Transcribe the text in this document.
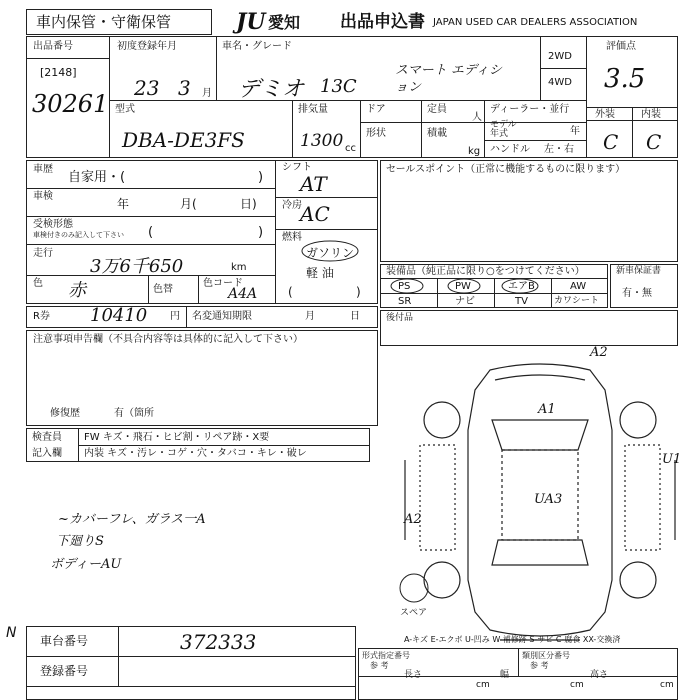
車内保管・守衛保管	JU 愛知 出品申込書 JAPAN USED CAR DEALERS ASSOCIATION
出品番号
[2148]
30261
初度登録年月
23 3 月
車名・グレード
デミオ 13C
スマート エディション
2WD
4WD
評価点
3.5
外装	内装
C C
型式
DBA-DE3FS
排気量
1300 cc
ドア
形状
定員
人
積載
kg
ディーラー・並行
モデル
年式	年
ハンドル 左・右
車歴
自家用・(	)
車検
年	月(	日)
受検形態
車検付きのみ記入して下さい (	)
走行
3万6千650	km
色 赤	色替
色コード
A4A
シフト
AT
冷房
AC
燃料
ガソリン
軽 油
(	)
R券 10410 円 名変通知期限	月	日
注意事項申告欄（不具合内容等は具体的に記入して下さい）
修復歴	有（箇所
検査員
記入欄
FW キズ・飛石・ヒビ割・リペア跡・X要
内装 キズ・汚レ・コゲ・穴・タバコ・キレ・破レ
~カバーフレ、ガラス一A
下廻りS
ボディーAU
セールスポイント（正常に機能するものに限ります）
装備品（純正品に限り○をつけてください）
PS	PW	エアB	AW
SR	ナビ	TV	カワシート
新車保証書
有・無
後付品
A2
A1
U1
UA3
A2
スペア
A-キズ E-エクボ U-凹み W-補修跡 S-サビ C-腐食 XX-交換済
N 車台番号	372333
登録番号
形式指定番号
参 考
類別区分番号
参 考
長さ	幅	高さ
cm	cm	cm
